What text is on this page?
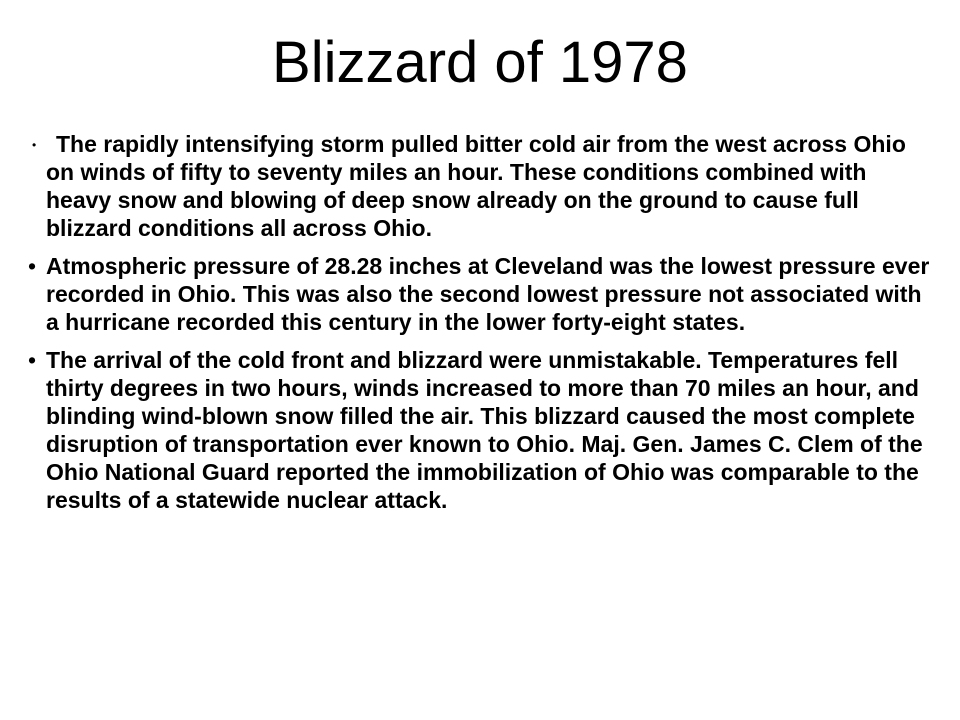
Blizzard of 1978
• The rapidly intensifying storm pulled bitter cold air from the west across Ohio on winds of fifty to seventy miles an hour. These conditions combined with heavy snow and blowing of deep snow already on the ground to cause full blizzard conditions all across Ohio.
• Atmospheric pressure of 28.28 inches at Cleveland was the lowest pressure ever recorded in Ohio. This was also the second lowest pressure not associated with a hurricane recorded this century in the lower forty-eight states.
• The arrival of the cold front and blizzard were unmistakable. Temperatures fell thirty degrees in two hours, winds increased to more than 70 miles an hour, and blinding wind-blown snow filled the air. This blizzard caused the most complete disruption of transportation ever known to Ohio. Maj. Gen. James C. Clem of the Ohio National Guard reported the immobilization of Ohio was comparable to the results of a statewide nuclear attack.
